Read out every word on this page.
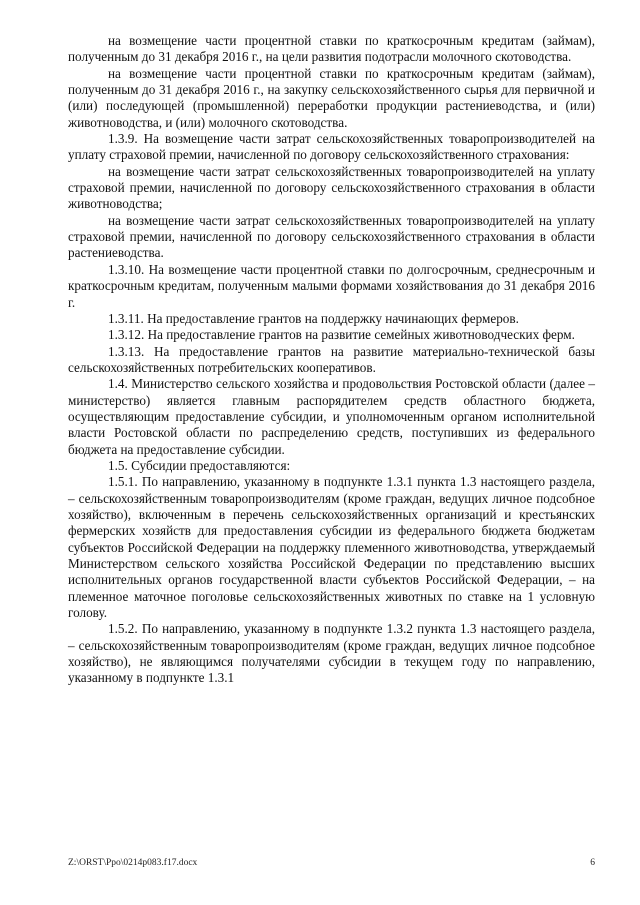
на возмещение части процентной ставки по краткосрочным кредитам (займам), полученным до 31 декабря 2016 г., на цели развития подотрасли молочного скотоводства.

на возмещение части процентной ставки по краткосрочным кредитам (займам), полученным до 31 декабря 2016 г., на закупку сельскохозяйственного сырья для первичной и (или) последующей (промышленной) переработки продукции растениеводства, и (или) животноводства, и (или) молочного скотоводства.

1.3.9. На возмещение части затрат сельскохозяйственных товаропроизводителей на уплату страховой премии, начисленной по договору сельскохозяйственного страхования:

на возмещение части затрат сельскохозяйственных товаропроизводителей на уплату страховой премии, начисленной по договору сельскохозяйственного страхования в области животноводства;

на возмещение части затрат сельскохозяйственных товаропроизводителей на уплату страховой премии, начисленной по договору сельскохозяйственного страхования в области растениеводства.

1.3.10. На возмещение части процентной ставки по долгосрочным, среднесрочным и краткосрочным кредитам, полученным малыми формами хозяйствования до 31 декабря 2016 г.

1.3.11. На предоставление грантов на поддержку начинающих фермеров.

1.3.12. На предоставление грантов на развитие семейных животноводческих ферм.

1.3.13. На предоставление грантов на развитие материально-технической базы сельскохозяйственных потребительских кооперативов.

1.4. Министерство сельского хозяйства и продовольствия Ростовской области (далее – министерство) является главным распорядителем средств областного бюджета, осуществляющим предоставление субсидии, и уполномоченным органом исполнительной власти Ростовской области по распределению средств, поступивших из федерального бюджета на предоставление субсидии.

1.5. Субсидии предоставляются:

1.5.1. По направлению, указанному в подпункте 1.3.1 пункта 1.3 настоящего раздела, – сельскохозяйственным товаропроизводителям (кроме граждан, ведущих личное подсобное хозяйство), включенным в перечень сельскохозяйственных организаций и крестьянских фермерских хозяйств для предоставления субсидии из федерального бюджета бюджетам субъектов Российской Федерации на поддержку племенного животноводства, утверждаемый Министерством сельского хозяйства Российской Федерации по представлению высших исполнительных органов государственной власти субъектов Российской Федерации, – на племенное маточное поголовье сельскохозяйственных животных по ставке на 1 условную голову.

1.5.2. По направлению, указанному в подпункте 1.3.2 пункта 1.3 настоящего раздела, – сельскохозяйственным товаропроизводителям (кроме граждан, ведущих личное подсобное хозяйство), не являющимся получателями субсидии в текущем году по направлению, указанному в подпункте 1.3.1

Z:\ORST\Ppo\0214p083.f17.docx	6
